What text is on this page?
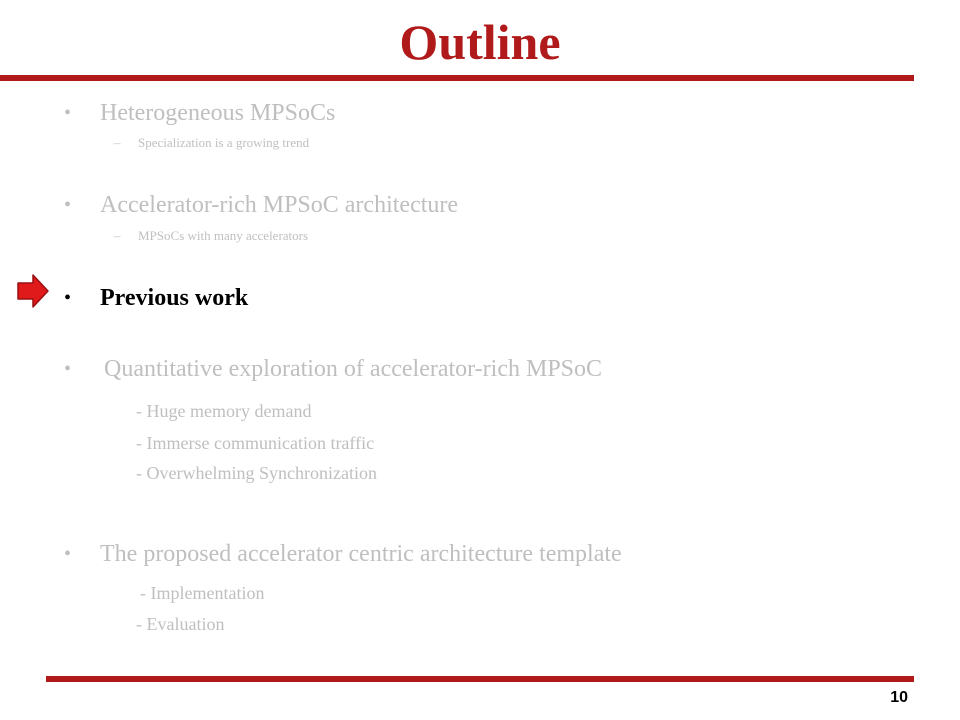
Outline
• Heterogeneous MPSoCs
– Specialization is a growing trend
• Accelerator-rich MPSoC architecture
– MPSoCs with many accelerators
• Previous work
• Quantitative exploration of accelerator-rich MPSoC
- Huge memory demand
- Immerse communication traffic
- Overwhelming Synchronization
• The proposed accelerator centric architecture template
- Implementation
- Evaluation
10
